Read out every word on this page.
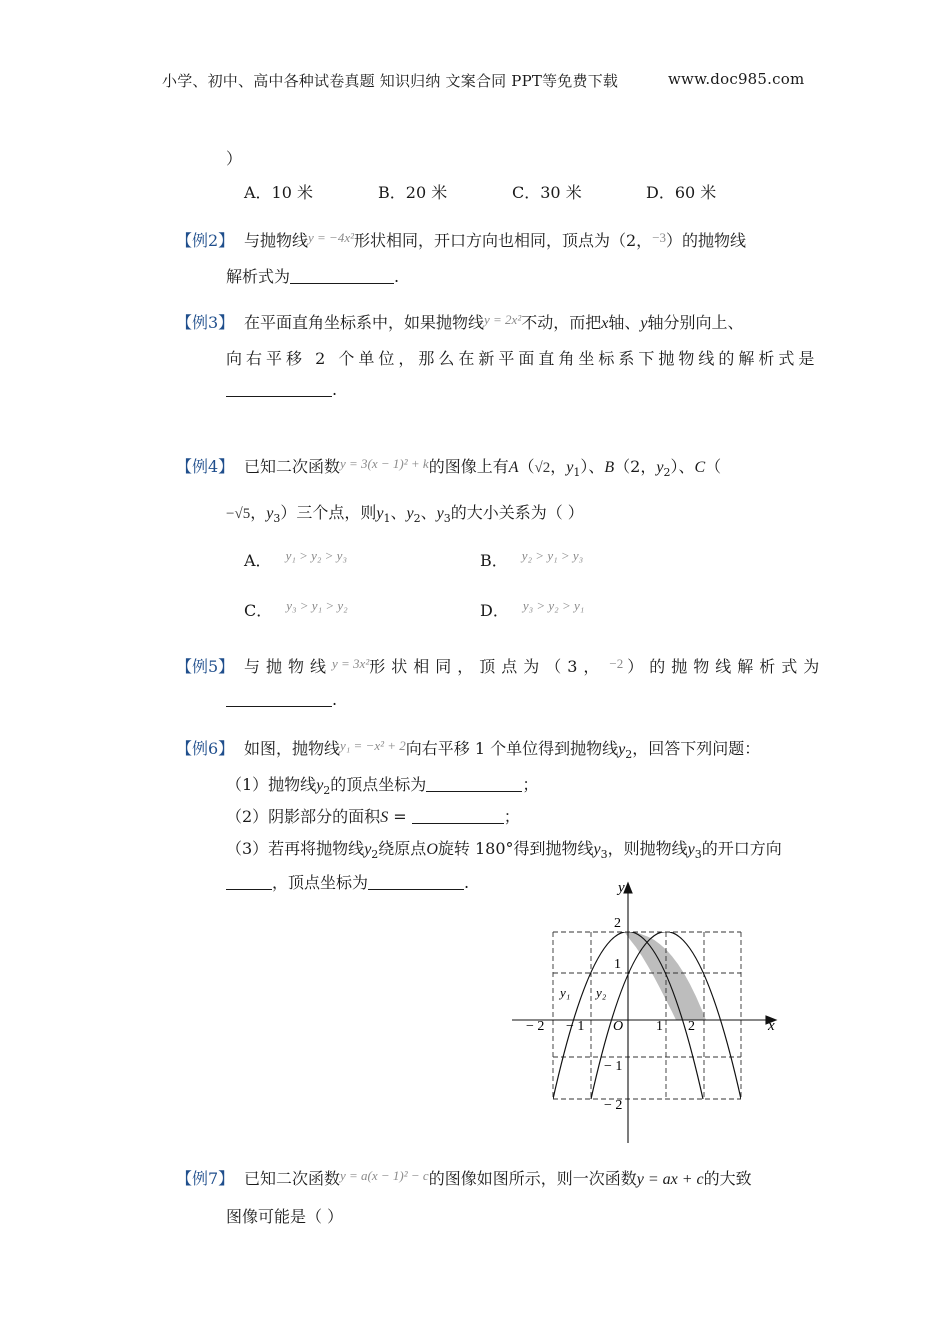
小学、初中、高中各种试卷真题 知识归纳 文案合同 PPT等免费下载	www.doc985.com
）
A．10 米	B．20 米	C．30 米	D．60 米
【例2】 与抛物线$^{y = -4x^2}$形状相同，开口方向也相同，顶点为（2，$^{-3}$）的抛物线
解析式为	.
【例3】 在平面直角坐标系中，如果抛物线$^{y = 2x^2}$不动，而把x轴、y轴分别向上、
向右平移 2 个单位，那么在新平面直角坐标系下抛物线的解析式是
.
【例4】 已知二次函数$^{y = 3(x - 1)^2 + k}$的图像上有A（√2，$y_1$）、B（2，$y_2$）、C（
−√5，$y_3$）三个点，则$y_1$、$y_2$、$y_3$的大小关系为（ ）
A． $^{y_1 > y_2 > y_3}$	B． $^{y_2 > y_1 > y_3}$
C． $^{y_3 > y_1 > y_2}$	D． $^{y_3 > y_2 > y_1}$
【例5】 与抛物线$^{y = 3x^2}$形状相同，顶点为（3， $^{-2}$ ）的抛物线解析式为
.
【例6】 如图，抛物线$^{y_1 = -x^2 + 2}$向右平移 1 个单位得到抛物线$y_2$，回答下列问题：
（1）抛物线$y_2$的顶点坐标为	；
（2）阴影部分的面积S =	；
（3）若再将抛物线$y_2$绕原点O旋转 180°得到抛物线$y_3$，则抛物线$y_3$的开口方向
，顶点坐标为	.
x
y
O
− 2 − 1	1 2
2
1
− 1
− 2
y₁ y₂
【例7】 已知二次函数$^{y = a(x - 1)^2 - c}$的图像如图所示，则一次函数y = ax + c的大致
图像可能是（ ）
